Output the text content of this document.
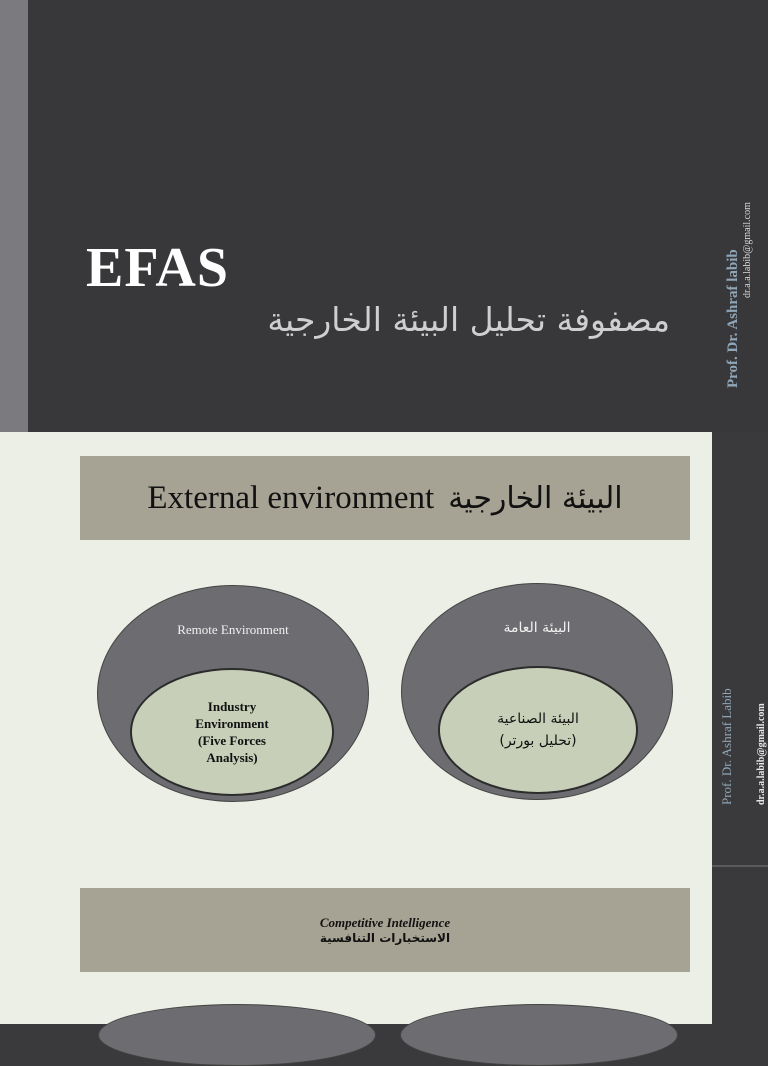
EFAS
مصفوفة تحليل البيئة الخارجية	Prof. Dr. Ashraf labib dr.a.a.labib@gmail.com
Prof. Dr. Ashraf Labib dr.a.a.labib@gmail.com
External environment البيئة الخارجية
Remote Environment
Industry
Environment
(Five Forces
Analysis)
البيئة العامة
البيئة الصناعية
(تحليل بورتر)
Competitive Intelligence
الاستخبارات التنافسية
